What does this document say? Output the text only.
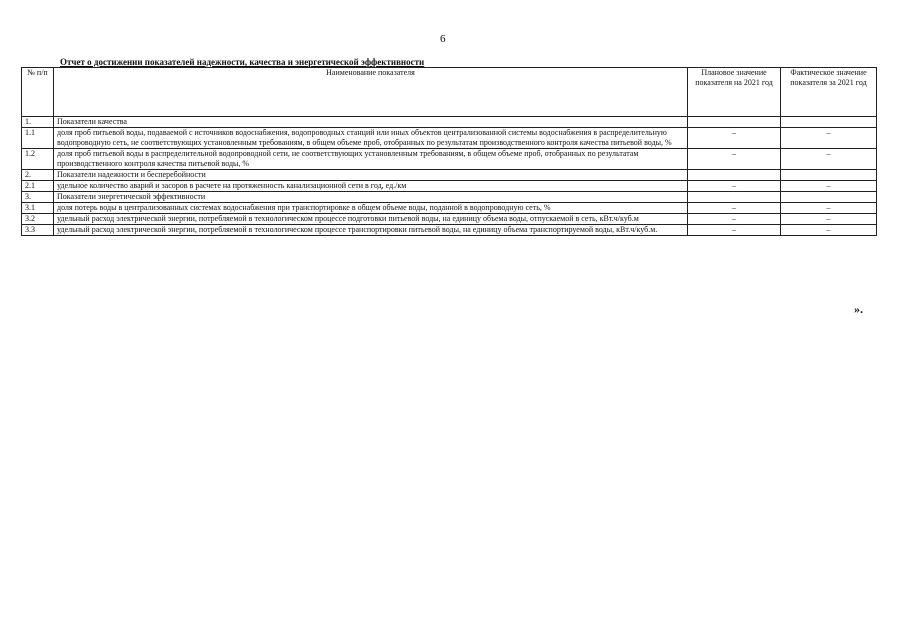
6
Отчет о достижении показателей надежности, качества и энергетической эффективности
№ п/п	Наименование показателя	Плановое значение показателя на 2021 год	Фактическое значение показателя за 2021 год
1.	Показатели качества		
1.1	доля проб питьевой воды, подаваемой с источников водоснабжения, водопроводных станций или иных объектов централизованной системы водоснабжения в распределительную водопроводную сеть, не соответствующих установленным требованиям, в общем объеме проб, отобранных по результатам производственного контроля качества питьевой воды, %	–	–
1.2	доля проб питьевой воды в распределительной водопроводной сети, не соответствующих установленным требованиям, в общем объеме проб, отобранных по результатам производственного контроля качества питьевой воды, %	–	–
2.	Показатели надежности и бесперебойности		
2.1	удельное количество аварий и засоров в расчете на протяженность канализационной сети в год, ед./км	–	–
3.	Показатели энергетической эффективности		
3.1	доля потерь воды в централизованных системах водоснабжения при транспортировке в общем объеме воды, поданной в водопроводную сеть, %	–	–
3.2	удельный расход электрической энергии, потребляемой в технологическом процессе подготовки питьевой воды, на единицу объема воды, отпускаемой в сеть, кВт.ч/куб.м	–	–
3.3	удельный расход электрической энергии, потребляемой в технологическом процессе транспортировки питьевой воды, на единицу объема транспортируемой воды, кВт.ч/куб.м.	–	–
».
